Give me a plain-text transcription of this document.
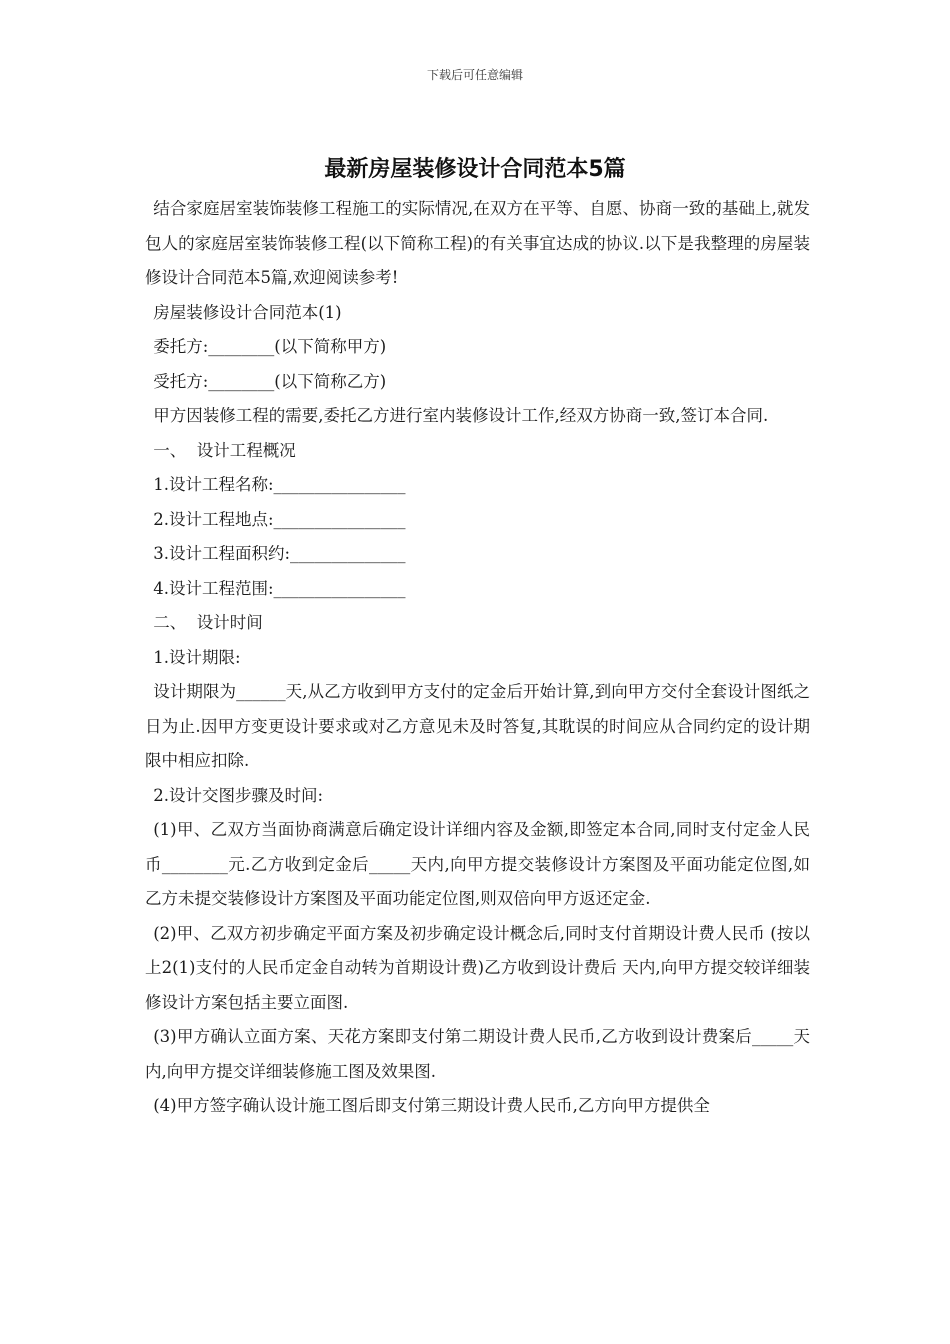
下载后可任意编辑
最新房屋装修设计合同范本5篇

结合家庭居室装饰装修工程施工的实际情况,在双方在平等、自愿、协商一致的基础上,就发包人的家庭居室装饰装修工程(以下简称工程)的有关事宜达成的协议.以下是我整理的房屋装修设计合同范本5篇,欢迎阅读参考!

房屋装修设计合同范本(1)

委托方:________(以下简称甲方)

受托方:________(以下简称乙方)

甲方因装修工程的需要,委托乙方进行室内装修设计工作,经双方协商一致,签订本合同.

一、  设计工程概况

1.设计工程名称:________________

2.设计工程地点:________________

3.设计工程面积约:______________

4.设计工程范围:________________

二、  设计时间

1.设计期限:

设计期限为______天,从乙方收到甲方支付的定金后开始计算,到向甲方交付全套设计图纸之日为止.因甲方变更设计要求或对乙方意见未及时答复,其耽误的时间应从合同约定的设计期限中相应扣除.

2.设计交图步骤及时间:

(1)甲、乙双方当面协商满意后确定设计详细内容及金额,即签定本合同,同时支付定金人民币________元.乙方收到定金后_____天内,向甲方提交装修设计方案图及平面功能定位图,如乙方未提交装修设计方案图及平面功能定位图,则双倍向甲方返还定金.

(2)甲、乙双方初步确定平面方案及初步确定设计概念后,同时支付首期设计费人民币 (按以上2(1)支付的人民币定金自动转为首期设计费)乙方收到设计费后 天内,向甲方提交较详细装修设计方案包括主要立面图.

(3)甲方确认立面方案、天花方案即支付第二期设计费人民币,乙方收到设计费案后_____天内,向甲方提交详细装修施工图及效果图.

(4)甲方签字确认设计施工图后即支付第三期设计费人民币,乙方向甲方提供全
